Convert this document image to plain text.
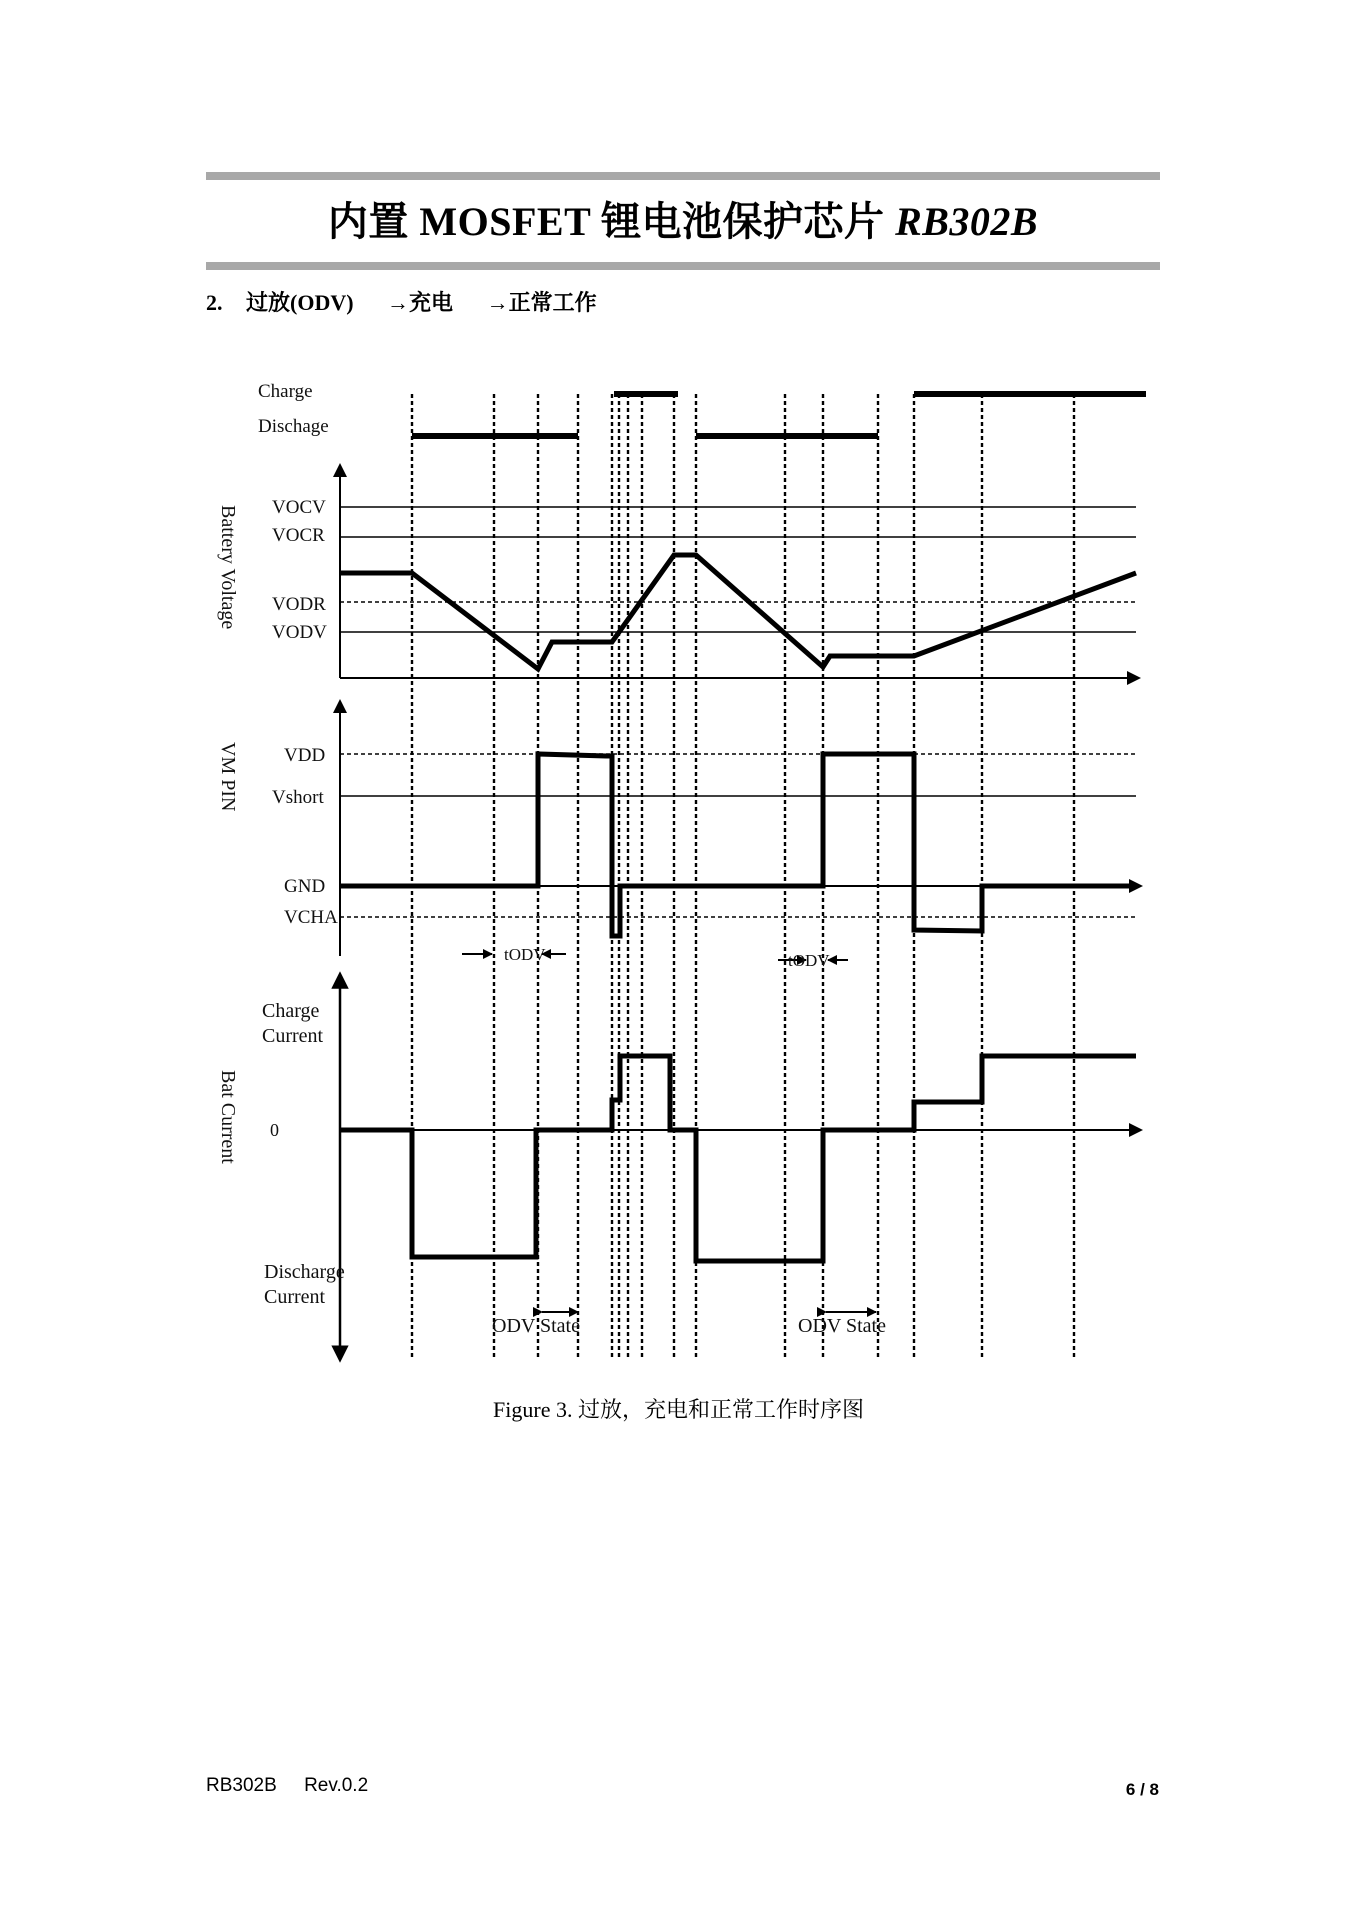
内置 MOSFET 锂电池保护芯片 RB302B
2. 过放(ODV) →充电 →正常工作
Charge
Dischage
Battery Voltage VOCV
VOCR
VODR
VODV
VM PIN VDD
Vshort
GND
VCHA
tODV	tODV
Bat Current
Charge
Current
0
Discharge
Current
ODV State	ODV State
Figure 3. 过放，充电和正常工作时序图
RB302B Rev.0.2	6 / 8
